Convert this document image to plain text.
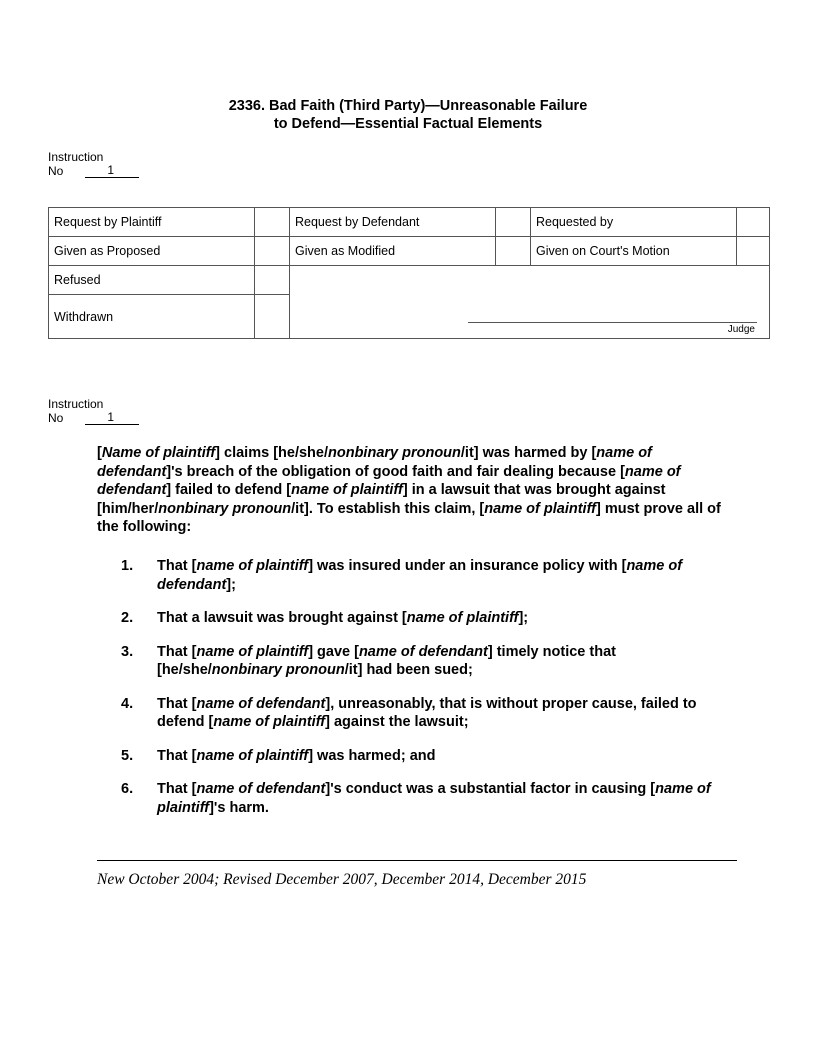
2336. Bad Faith (Third Party)—Unreasonable Failure
to Defend—Essential Factual Elements
Instruction
No	1
Request by Plaintiff		Request by Defendant		Requested by	
Given as Proposed		Given as Modified		Given on Court's Motion	
Refused		Judge			

Withdrawn					
Instruction
No	1
[Name of plaintiff] claims [he/she/nonbinary pronoun/it] was harmed by [name of defendant]'s breach of the obligation of good faith and fair dealing because [name of defendant] failed to defend [name of plaintiff] in a lawsuit that was brought against [him/her/nonbinary pronoun/it]. To establish this claim, [name of plaintiff] must prove all of the following:
1.	That [name of plaintiff] was insured under an insurance policy with [name of defendant];
2.	That a lawsuit was brought against [name of plaintiff];
3.	That [name of plaintiff] gave [name of defendant] timely notice that [he/she/nonbinary pronoun/it] had been sued;
4.	That [name of defendant], unreasonably, that is without proper cause, failed to defend [name of plaintiff] against the lawsuit;
5.	That [name of plaintiff] was harmed; and
6.	That [name of defendant]'s conduct was a substantial factor in causing [name of plaintiff]'s harm.
New October 2004; Revised December 2007, December 2014, December 2015
